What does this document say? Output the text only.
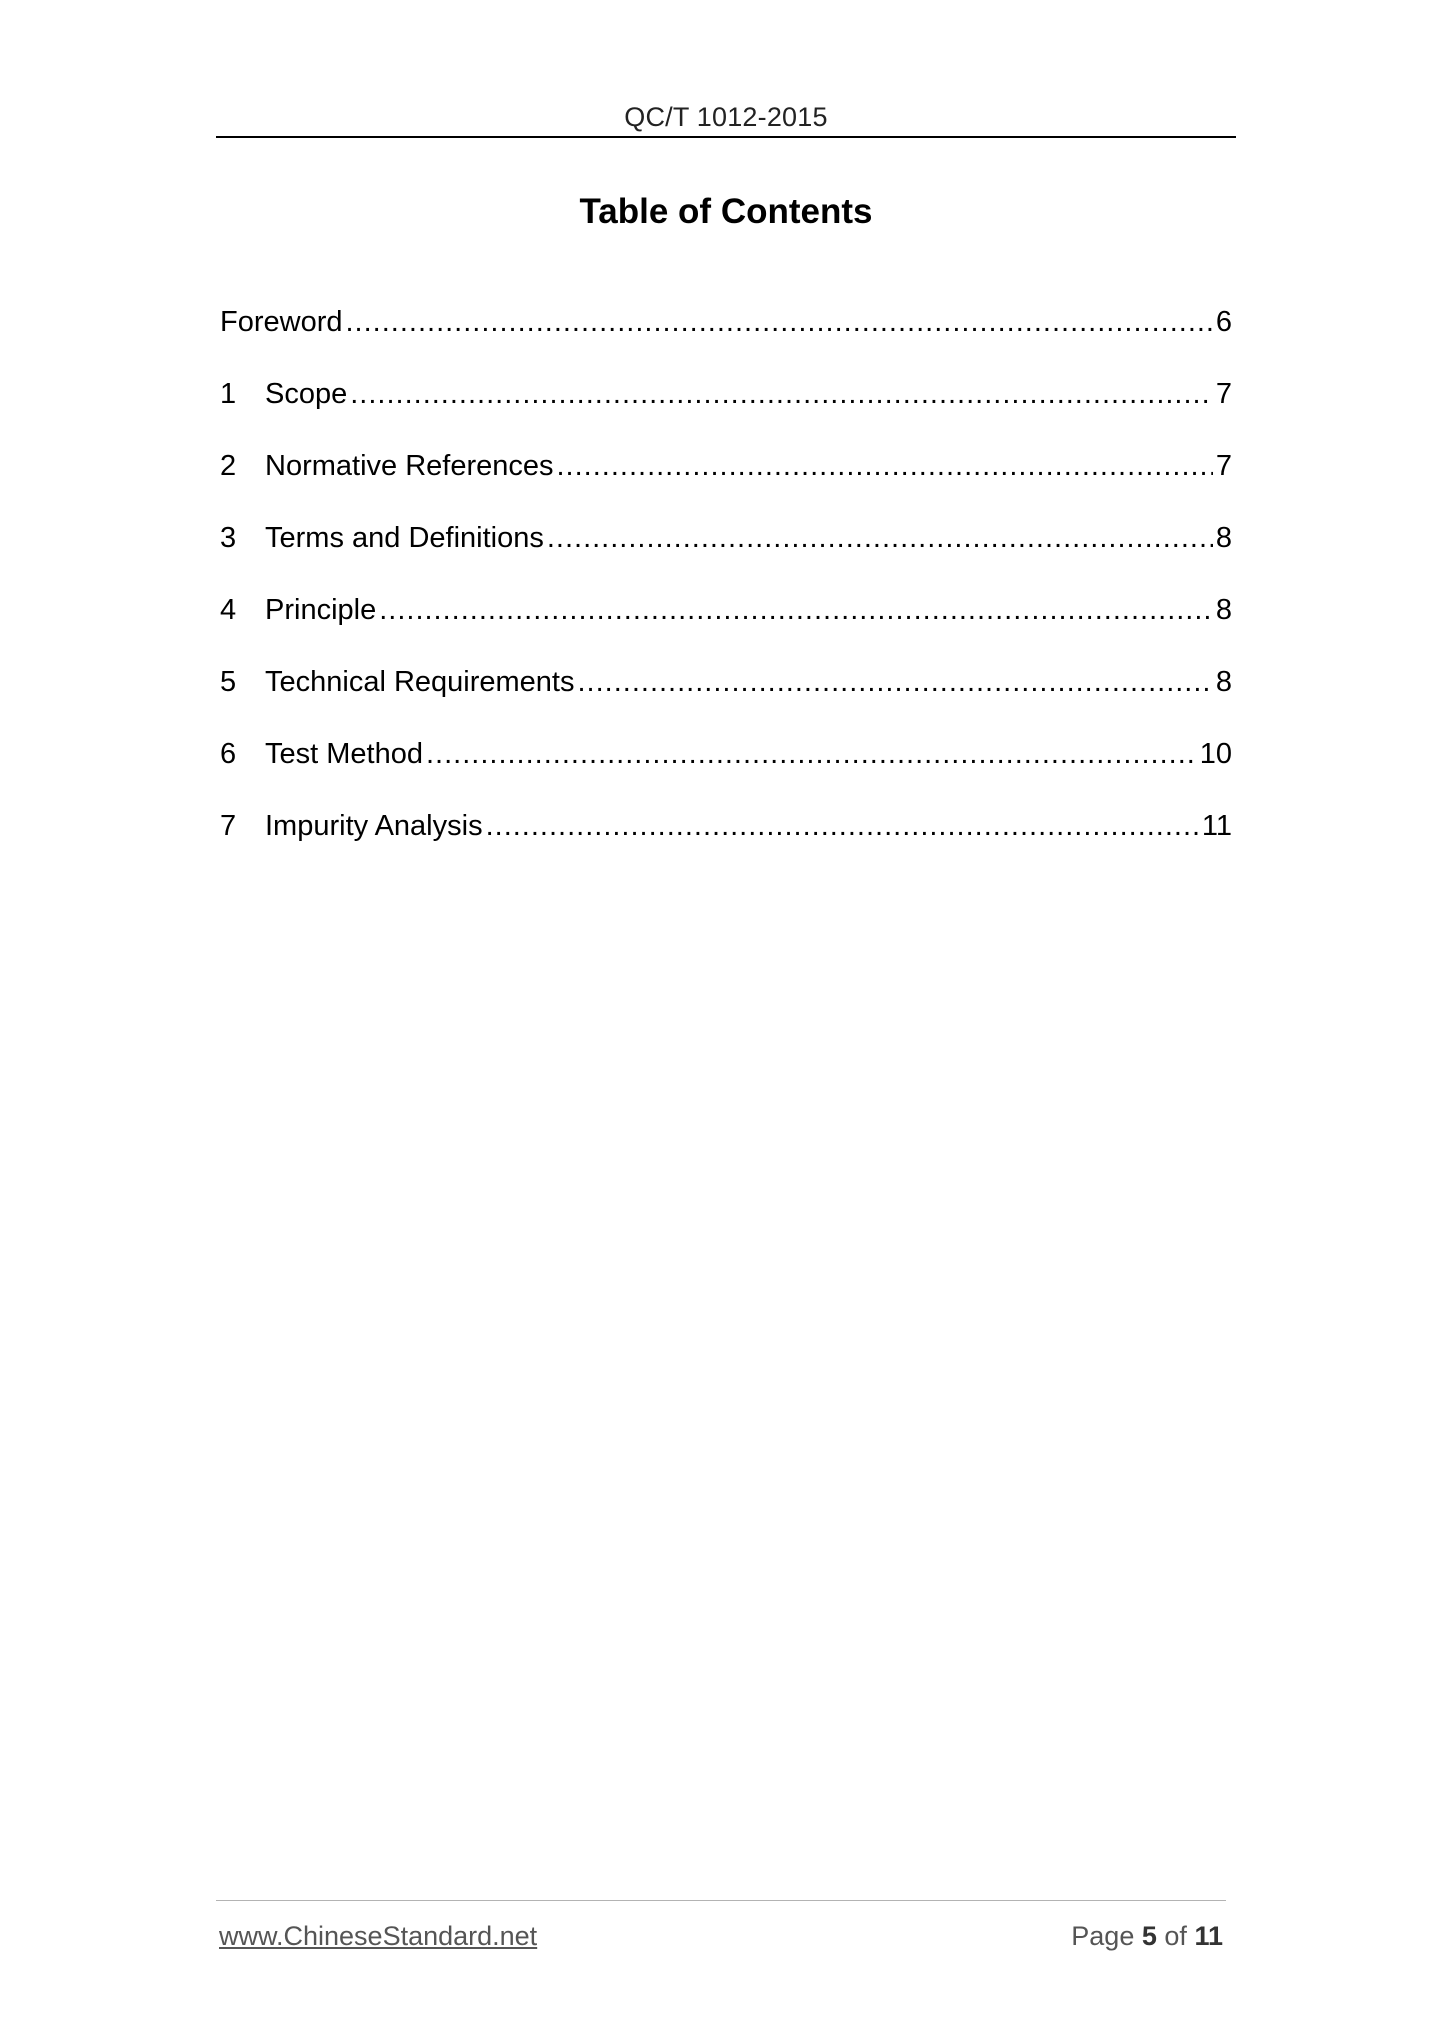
QC/T 1012-2015
Table of Contents
Foreword .....	6
1 Scope .....	7
2 Normative References .....	7
3 Terms and Definitions .....	8
4 Principle .....	8
5 Technical Requirements .....	8
6 Test Method .....	10
7 Impurity Analysis .....	11
www.ChineseStandard.net	Page 5 of 11
